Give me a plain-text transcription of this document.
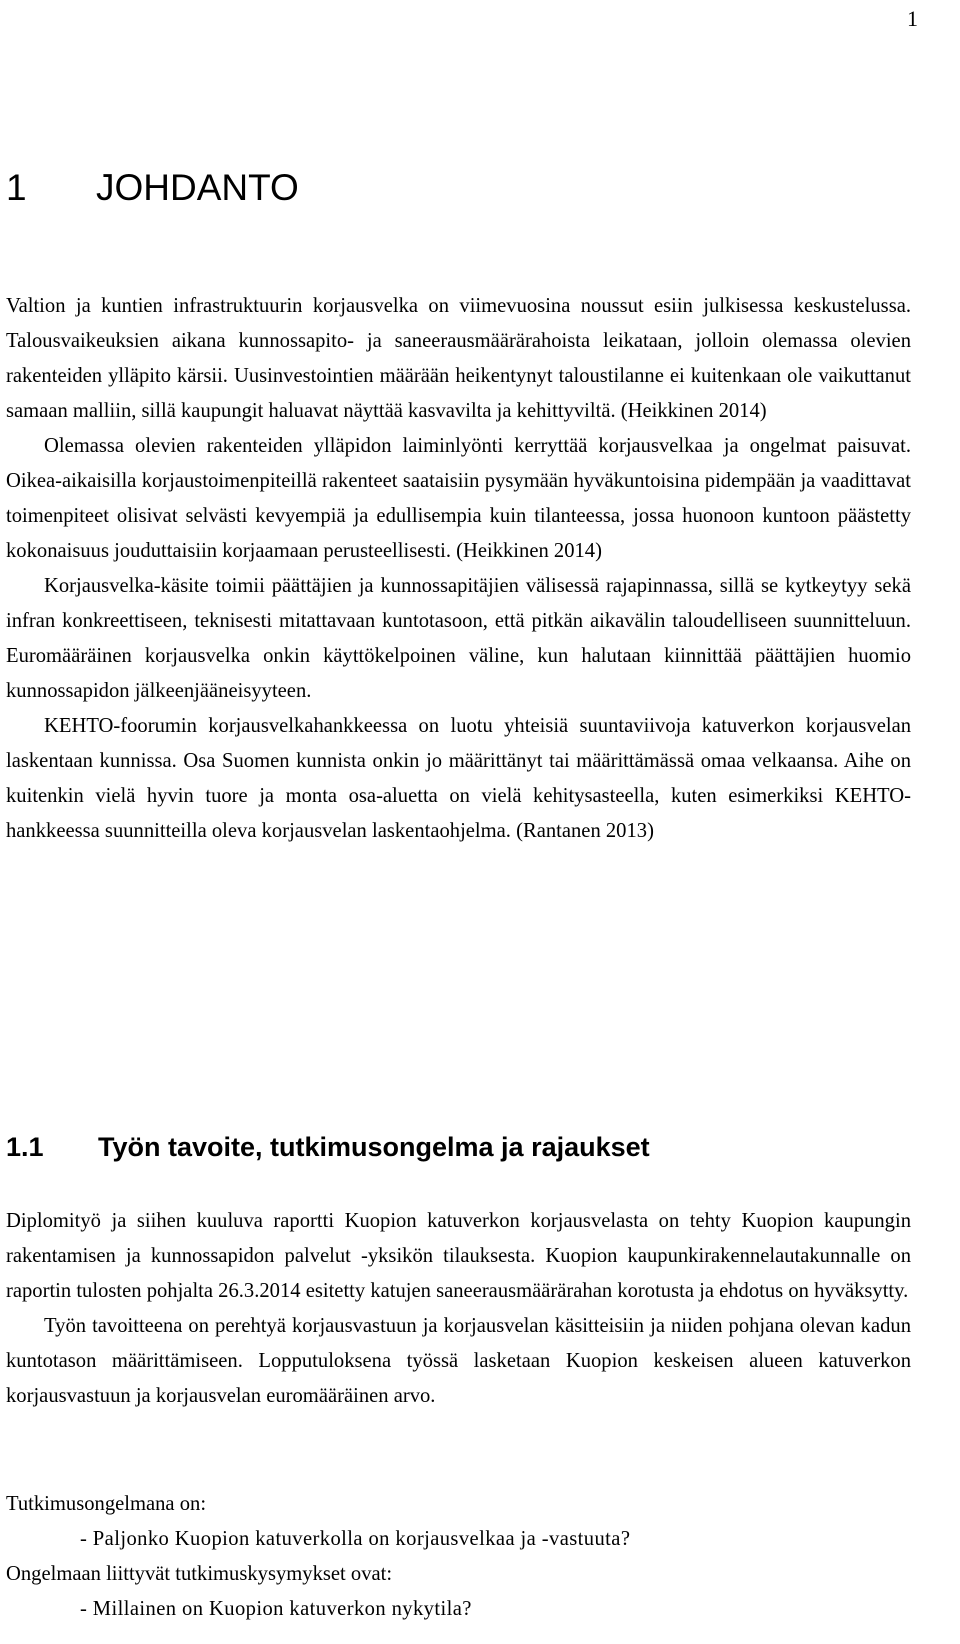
1
1 JOHDANTO

Valtion ja kuntien infrastruktuurin korjausvelka on viimevuosina noussut esiin julkisessa keskustelussa. Talousvaikeuksien aikana kunnossapito- ja saneerausmäärärahoista leikataan, jolloin olemassa olevien rakenteiden ylläpito kärsii. Uusinvestointien määrään heikentynyt taloustilanne ei kuitenkaan ole vaikuttanut samaan malliin, sillä kaupungit haluavat näyttää kasvavilta ja kehittyviltä. (Heikkinen 2014)

Olemassa olevien rakenteiden ylläpidon laiminlyönti kerryttää korjausvelkaa ja ongelmat paisuvat. Oikea-aikaisilla korjaustoimenpiteillä rakenteet saataisiin pysymään hyväkuntoisina pidempään ja vaadittavat toimenpiteet olisivat selvästi kevyempiä ja edullisempia kuin tilanteessa, jossa huonoon kuntoon päästetty kokonaisuus jouduttaisiin korjaamaan perusteellisesti. (Heikkinen 2014)

Korjausvelka-käsite toimii päättäjien ja kunnossapitäjien välisessä rajapinnassa, sillä se kytkeytyy sekä infran konkreettiseen, teknisesti mitattavaan kuntotasoon, että pitkän aikavälin taloudelliseen suunnitteluun. Euromääräinen korjausvelka onkin käyttökelpoinen väline, kun halutaan kiinnittää päättäjien huomio kunnossapidon jälkeenjääneisyyteen.

KEHTO-foorumin korjausvelkahankkeessa on luotu yhteisiä suuntaviivoja katuverkon korjausvelan laskentaan kunnissa. Osa Suomen kunnista onkin jo määrittänyt tai määrittämässä omaa velkaansa. Aihe on kuitenkin vielä hyvin tuore ja monta osa-aluetta on vielä kehitysasteella, kuten esimerkiksi KEHTO-hankkeessa suunnitteilla oleva korjausvelan laskentaohjelma. (Rantanen 2013)

1.1 Työn tavoite, tutkimusongelma ja rajaukset

Diplomityö ja siihen kuuluva raportti Kuopion katuverkon korjausvelasta on tehty Kuopion kaupungin rakentamisen ja kunnossapidon palvelut -yksikön tilauksesta. Kuopion kaupunkirakennelautakunnalle on raportin tulosten pohjalta 26.3.2014 esitetty katujen saneerausmäärärahan korotusta ja ehdotus on hyväksytty.

Työn tavoitteena on perehtyä korjausvastuun ja korjausvelan käsitteisiin ja niiden pohjana olevan kadun kuntotason määrittämiseen. Lopputuloksena työssä lasketaan Kuopion keskeisen alueen katuverkon korjausvastuun ja korjausvelan euromääräinen arvo.

Tutkimusongelmana on:

- Paljonko Kuopion katuverkolla on korjausvelkaa ja -vastuuta?

Ongelmaan liittyvät tutkimuskysymykset ovat:

- Millainen on Kuopion katuverkon nykytila?
